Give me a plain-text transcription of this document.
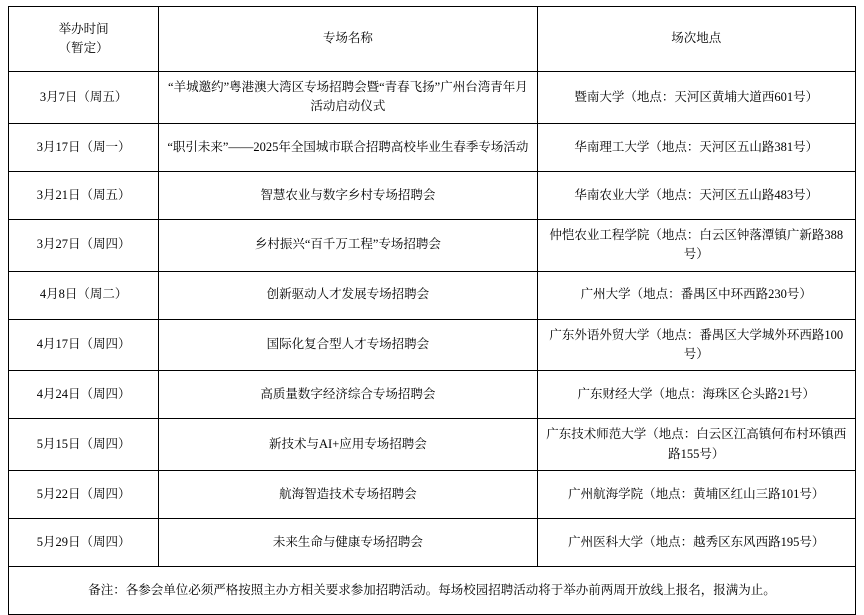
举办时间
（暂定）	专场名称	场次地点
3月7日（周五）	“羊城邀约”粤港澳大湾区专场招聘会暨“青春飞扬”广州台湾青年月活动启动仪式	暨南大学（地点：天河区黄埔大道西601号）
3月17日（周一）	“职引未来”——2025年全国城市联合招聘高校毕业生春季专场活动	华南理工大学（地点：天河区五山路381号）
3月21日（周五）	智慧农业与数字乡村专场招聘会	华南农业大学（地点：天河区五山路483号）
3月27日（周四）	乡村振兴“百千万工程”专场招聘会	仲恺农业工程学院（地点：白云区钟落潭镇广新路388号）
4月8日（周二）	创新驱动人才发展专场招聘会	广州大学（地点：番禺区中环西路230号）
4月17日（周四）	国际化复合型人才专场招聘会	广东外语外贸大学（地点：番禺区大学城外环西路100号）
4月24日（周四）	高质量数字经济综合专场招聘会	广东财经大学（地点：海珠区仑头路21号）
5月15日（周四）	新技术与AI+应用专场招聘会	广东技术师范大学（地点：白云区江高镇何布村环镇西路155号）
5月22日（周四）	航海智造技术专场招聘会	广州航海学院（地点：黄埔区红山三路101号）
5月29日（周四）	未来生命与健康专场招聘会	广州医科大学（地点：越秀区东风西路195号）
备注：各参会单位必须严格按照主办方相关要求参加招聘活动。每场校园招聘活动将于举办前两周开放线上报名，报满为止。		
